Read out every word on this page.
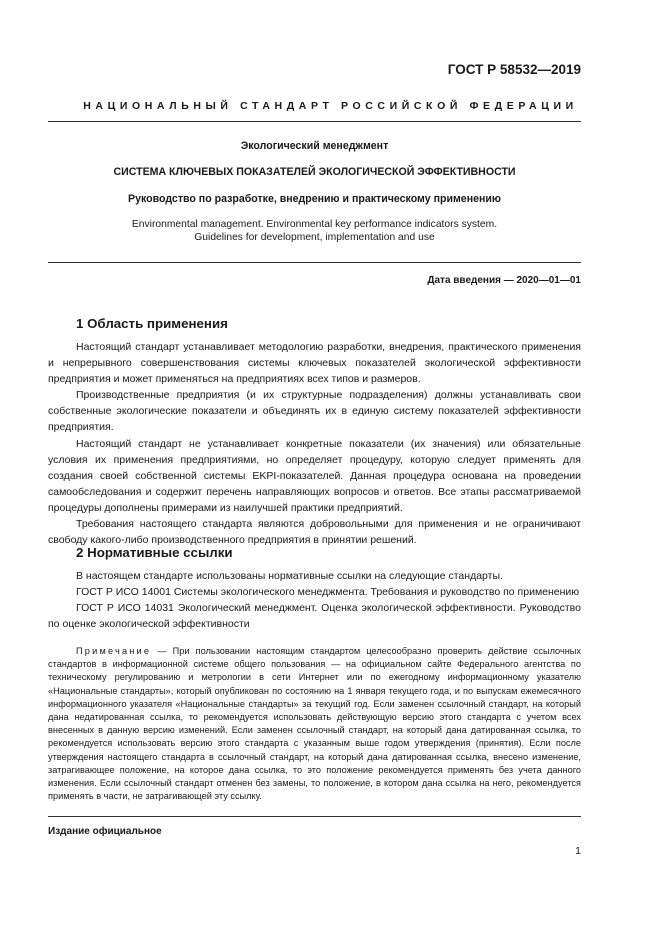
ГОСТ Р 58532—2019
НАЦИОНАЛЬНЫЙ СТАНДАРТ РОССИЙСКОЙ ФЕДЕРАЦИИ
Экологический менеджмент
СИСТЕМА КЛЮЧЕВЫХ ПОКАЗАТЕЛЕЙ ЭКОЛОГИЧЕСКОЙ ЭФФЕКТИВНОСТИ
Руководство по разработке, внедрению и практическому применению
Environmental management. Environmental key performance indicators system.
Guidelines for development, implementation and use
Дата введения — 2020—01—01
1 Область применения

Настоящий стандарт устанавливает методологию разработки, внедрения, практического применения и непрерывного совершенствования системы ключевых показателей экологической эффективности предприятия и может применяться на предприятиях всех типов и размеров.

Производственные предприятия (и их структурные подразделения) должны устанавливать свои собственные экологические показатели и объединять их в единую систему показателей эффективности предприятия.

Настоящий стандарт не устанавливает конкретные показатели (их значения) или обязательные условия их применения предприятиями, но определяет процедуру, которую следует применять для создания своей собственной системы EKPI-показателей. Данная процедура основана на проведении самообследования и содержит перечень направляющих вопросов и ответов. Все этапы рассматриваемой процедуры дополнены примерами из наилучшей практики предприятий.

Требования настоящего стандарта являются добровольными для применения и не ограничивают свободу какого-либо производственного предприятия в принятии решений.

2 Нормативные ссылки

В настоящем стандарте использованы нормативные ссылки на следующие стандарты.

ГОСТ Р ИСО 14001 Системы экологического менеджмента. Требования и руководство по применению

ГОСТ Р ИСО 14031 Экологический менеджмент. Оценка экологической эффективности. Руководство по оценке экологической эффективности

Примечание — При пользовании настоящим стандартом целесообразно проверить действие ссылочных стандартов в информационной системе общего пользования — на официальном сайте Федерального агентства по техническому регулированию и метрологии в сети Интернет или по ежегодному информационному указателю «Национальные стандарты», который опубликован по состоянию на 1 января текущего года, и по выпускам ежемесячного информационного указателя «Национальные стандарты» за текущий год. Если заменен ссылочный стандарт, на который дана недатированная ссылка, то рекомендуется использовать действующую версию этого стандарта с учетом всех внесенных в данную версию изменений. Если заменен ссылочный стандарт, на который дана датированная ссылка, то рекомендуется использовать версию этого стандарта с указанным выше годом утверждения (принятия). Если после утверждения настоящего стандарта в ссылочный стандарт, на который дана датированная ссылка, внесено изменение, затрагивающее положение, на которое дана ссылка, то это положение рекомендуется применять без учета данного изменения. Если ссылочный стандарт отменен без замены, то положение, в котором дана ссылка на него, рекомендуется применять в части, не затрагивающей эту ссылку.

Издание официальное
1
